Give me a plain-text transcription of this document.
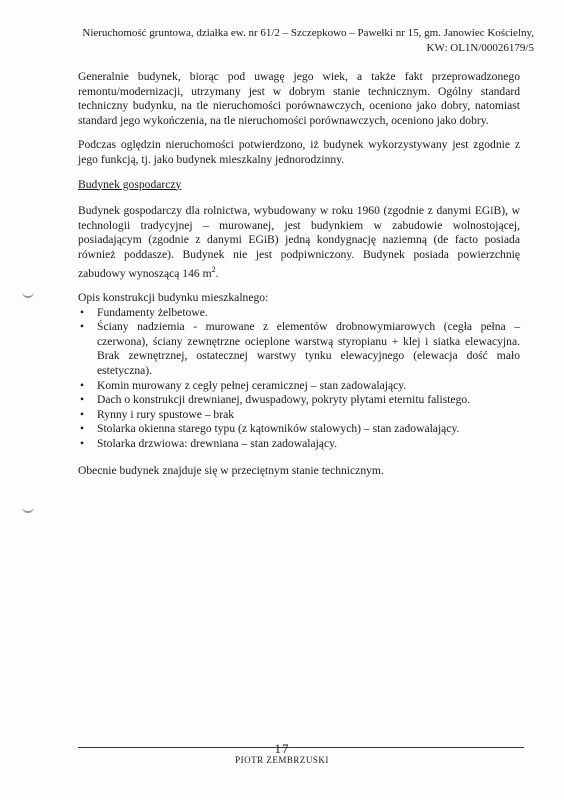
Nieruchomość gruntowa, działka ew. nr 61/2 – Szczepkowo – Pawełki nr 15, gm. Janowiec Kościelny,
KW: OL1N/00026179/5

Generalnie budynek, biorąc pod uwagę jego wiek, a także fakt przeprowadzonego remontu/modernizacji, utrzymany jest w dobrym stanie technicznym. Ogólny standard techniczny budynku, na tle nieruchomości porównawczych, oceniono jako dobry, natomiast standard jego wykończenia, na tle nieruchomości porównawczych, oceniono jako dobry.

Podczas oględzin nieruchomości potwierdzono, iż budynek wykorzystywany jest zgodnie z jego funkcją, tj. jako budynek mieszkalny jednorodzinny.

Budynek gospodarczy

Budynek gospodarczy dla rolnictwa, wybudowany w roku 1960 (zgodnie z danymi EGiB), w technologii tradycyjnej – murowanej, jest budynkiem w zabudowie wolnostojącej, posiadającym (zgodnie z danymi EGiB) jedną kondygnację naziemną (de facto posiada również poddasze). Budynek nie jest podpiwniczony. Budynek posiada powierzchnię zabudowy wynoszącą 146 $m^2$.

Opis konstrukcji budynku mieszkalnego:

• Fundamenty żelbetowe.
• Ściany nadziemia - murowane z elementów drobnowymiarowych (cegła pełna – czerwona), ściany zewnętrzne ocieplone warstwą styropianu + klej i siatka elewacyjna. Brak zewnętrznej, ostatecznej warstwy tynku elewacyjnego (elewacja dość mało estetyczna).
• Komin murowany z cegły pełnej ceramicznej – stan zadowalający.
• Dach o konstrukcji drewnianej, dwuspadowy, pokryty płytami eternitu falistego.
• Rynny i rury spustowe – brak
• Stolarka okienna starego typu (z kątowników stalowych) – stan zadowalający.
• Stolarka drzwiowa: drewniana – stan zadowalający.

Obecnie budynek znajduje się w przeciętnym stanie technicznym.

17
PIOTR ZEMBRZUSKI
